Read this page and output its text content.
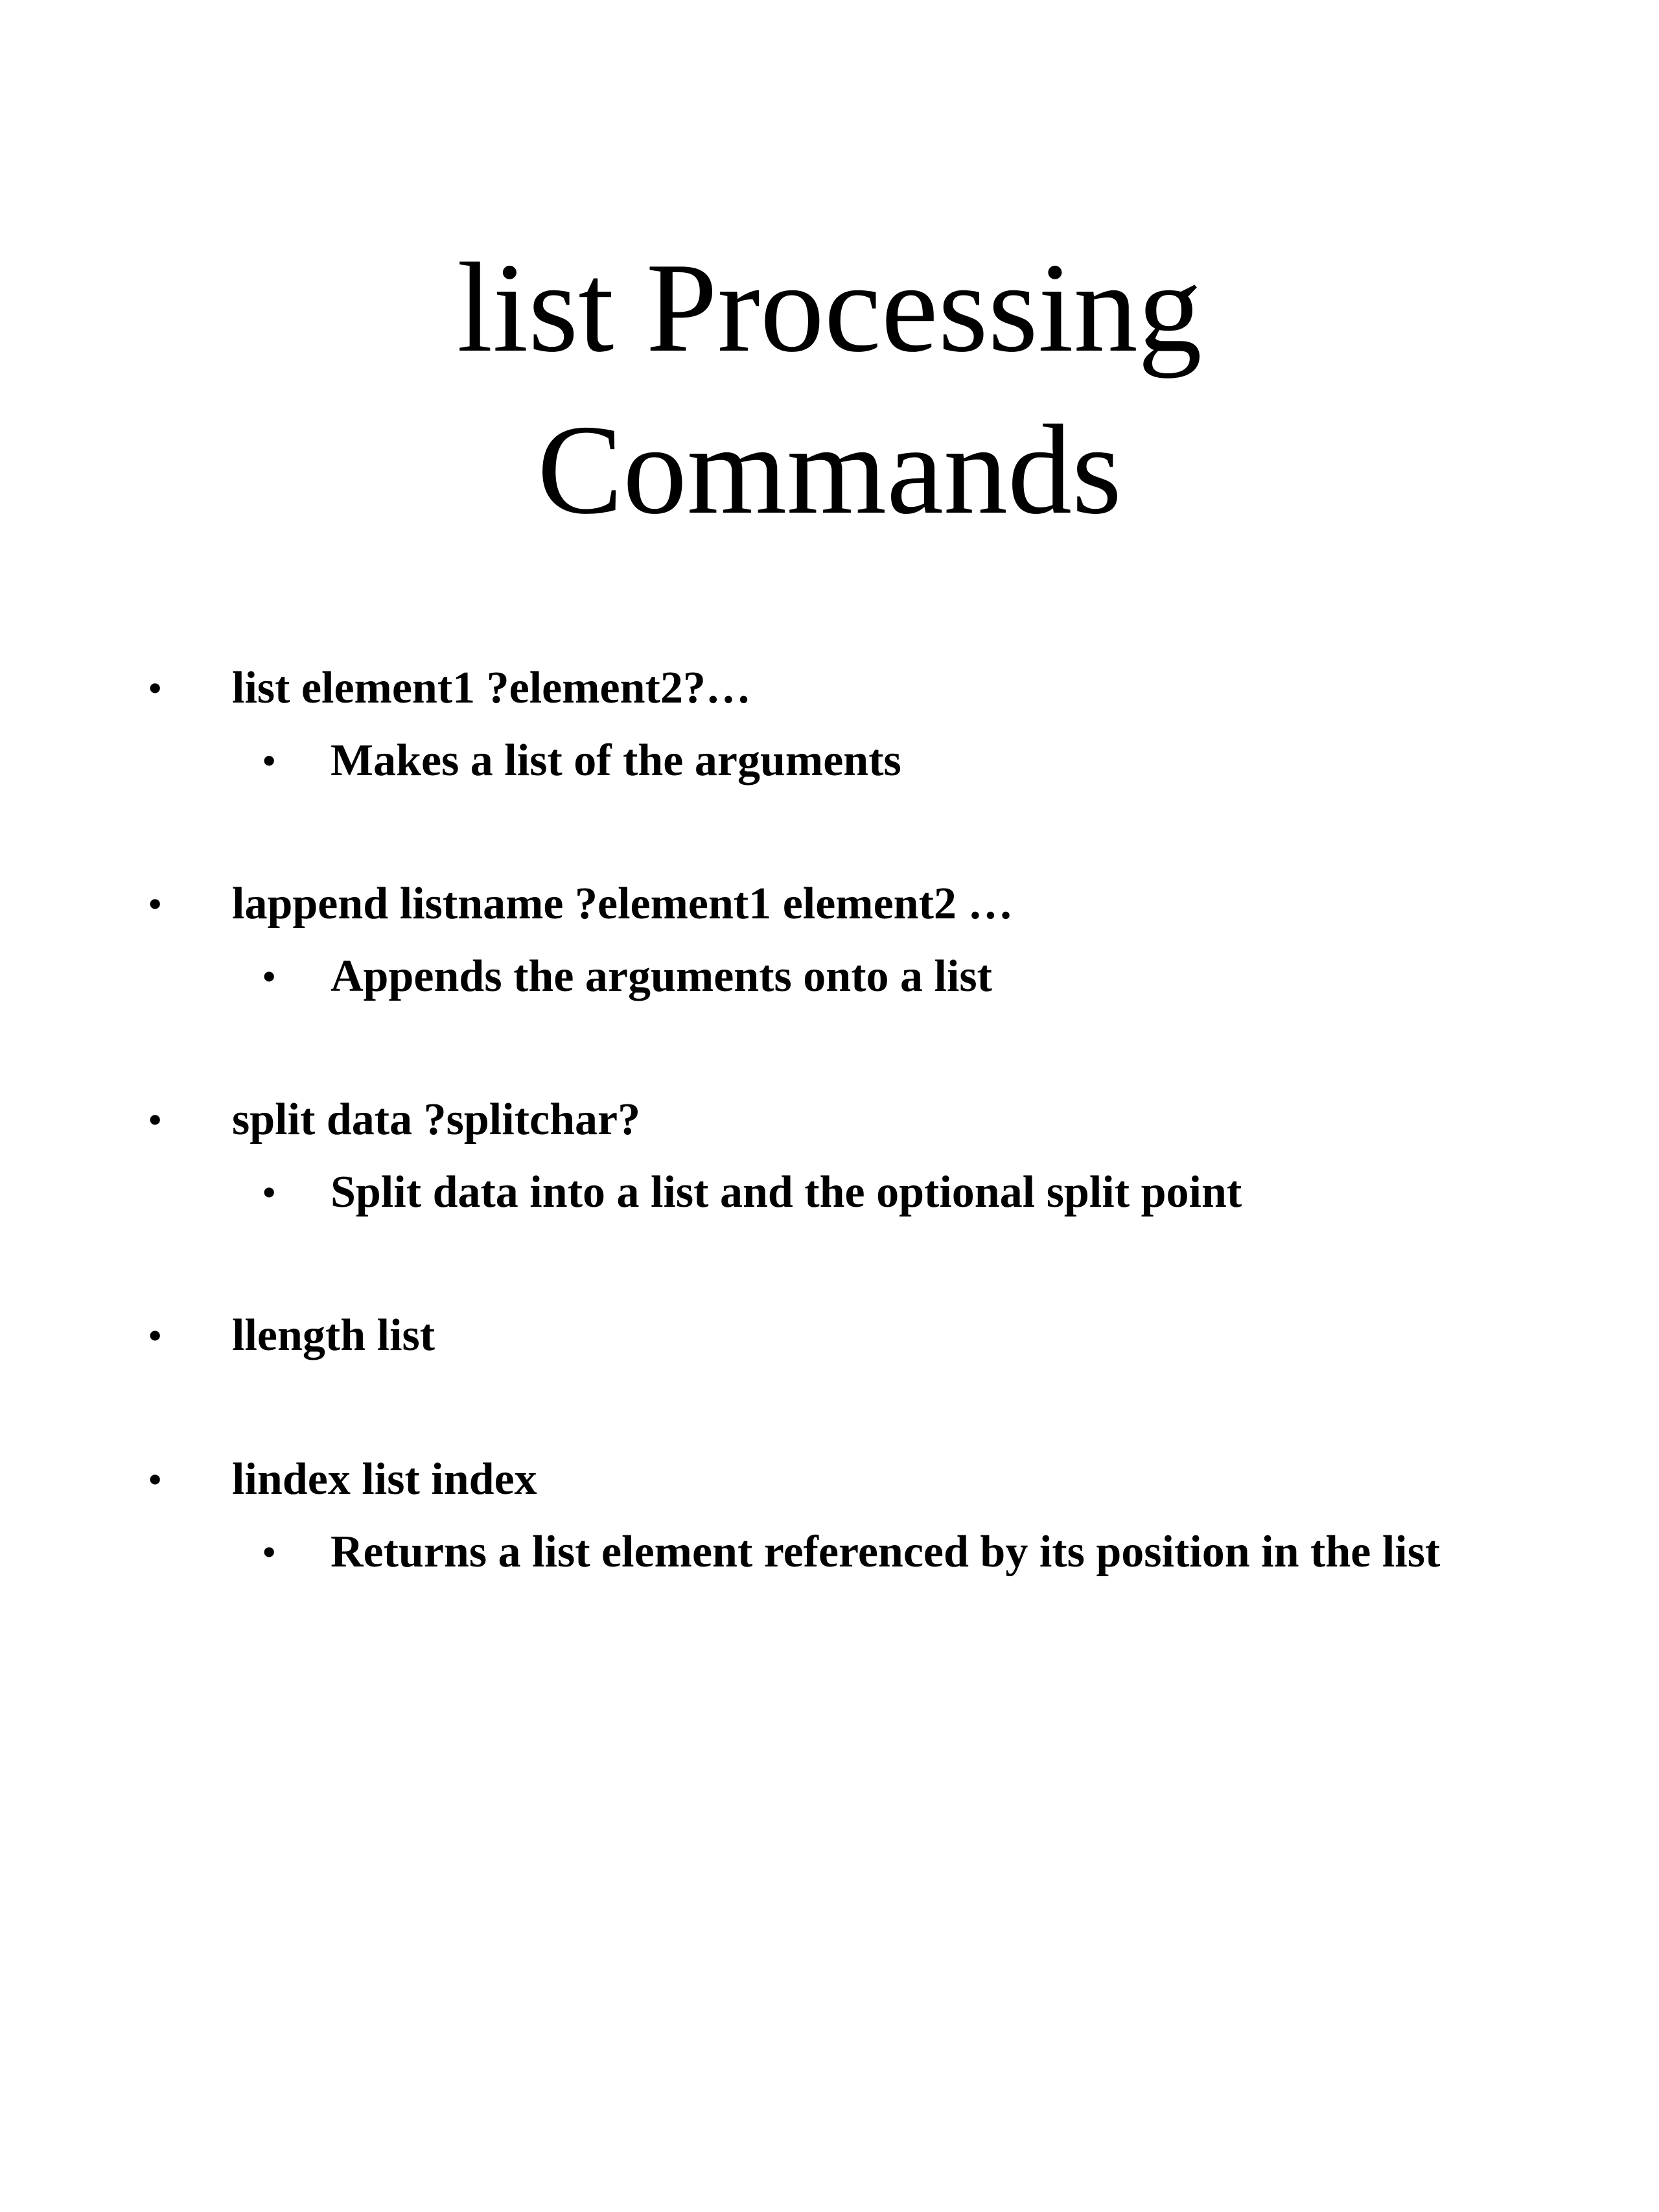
list Processing
Commands
• list element1 ?element2?…
• Makes a list of the arguments
• lappend listname ?element1 element2 …
• Appends the arguments onto a list
• split data ?splitchar?
• Split data into a list and the optional split point
• llength list
• lindex list index
• Returns a list element referenced by its position in the list
